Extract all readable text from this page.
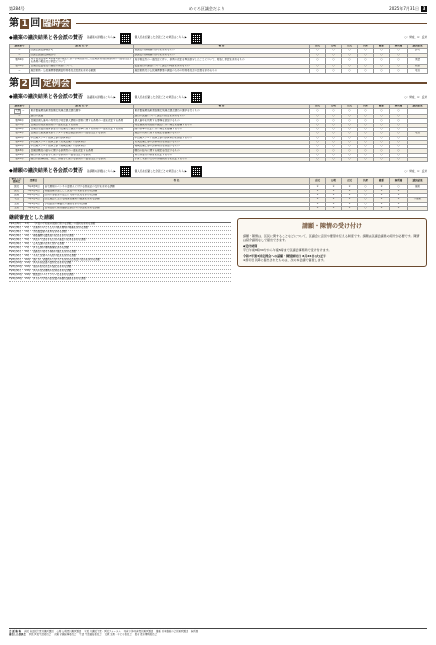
第284号	めぐろ区議会だより	2025年7月31日 3
第 1 回 臨時会
◆議案の議決結果と各会派の賛否 各議案の詳細はこちら ▶	個人名を記載した会派ごとの賛否はこちら ▶	○：賛成、×：反対
議案番号	議 案 名 等	概 要	自民	公明	立民	共産	維新	無所属	議決結果
ー	区議会議長辞職許可	前議長の辞職願の許可を求めるもの	○	○	○	○	○	○	許可
ー	区議会副議長辞職許可	副議長の辞職願の許可を求めるもの	○	○	○	○	○	○	
第34号	地方自治法第179条第1項の規定に基づき専決処分した目黒区特別区税条例の一部を改正する条例の報告及び承認について	地方税法等の一部改正に伴い、条例の改正を専決処分したことについて、報告し承認を求めるもの	○	○	○	○	○	○	承認
第35号	目黒区監査委員の選任の同意について	監査委員の選任について議会の同意を求めるもの	○	○	○	○	○	○	同意
ー	施設更新・公民連携事業調査特別委員会設置を求める動議	施設更新及び公民連携事業の調査のための特別委員会の設置を求めるもの	○	○	○	○	○	○	可決
第 2 回 定例会
◆議案の議決結果と各会派の賛否 各議案の詳細はこちら ▶	個人名を記載した会派ごとの賛否はこちら ▶	○：賛成、×：反対
議案番号	議 案 名 等	概 要	自民	公明	立民	共産	維新	無所属	議決結果
人事 ー	東京都後期高齢者医療広域連合議会議員選挙	東京都後期高齢者医療広域連合議会議員の選挙を行うもの	○	○	○	○	○	○	
ー	議員の派遣	議員の派遣について議会の決定を求めるもの	○	○	○	○	○	○	
第36号	目黒区個人番号の利用及び特定個人情報の提供に関する条例の一部を改正する条例	個人番号を利用する事務を追加するもの	○	○	○	○	○	○	
第37号	目黒区特別区税条例の一部を改正する条例	特定親族特別控除の創設に伴い規定を整備するもの	○	○	○	○	○	○	
第38号	目黒区家庭的保育事業等の設備及び運営の基準に関する条例の一部を改正する条例	国の基準の改正に伴い規定を整備するもの	○	○	○	○	○	○	
第39号	目黒区児童発達支援センター等複合施設条例の一部を改正する条例	施設の利用に関する規定を整備するもの	○	○	○	○	○	○	可決
第40号	中目黒スクエア改修工事の請負契約	中目黒スクエア改修工事の請負契約を締結するもの	○	○	○	○	○	○	
第41号	中目黒スクエア改修工事（電気設備）の請負契約	電気設備工事の請負契約を締結するもの	○	○	○	○	○	○	
第42号	中目黒スクエア改修工事（機械設備）の請負契約	機械設備工事の請負契約を締結するもの	○	○	○	○	○	○	
第43号	目黒区職員の給与に関する条例等の一部を改正する条例	職員の給与に関する規定を改正するもの	○	○	○	○	○	○	
第44号	職員の育児休業等に関する条例の一部を改正する条例	育児休業等の制度を改正するもの	○	○	○	○	○	○	
第45号	職員の勤務時間、休日、休暇等に関する条例の一部を改正する条例	子育て支援のための休暇制度等を改正するもの	○	○	○	○	○	○	
◆請願の議決結果と各会派の賛否 各請願の詳細はこちら ▶	個人名を記載した会派ごとの賛否はこちら ▶	○：賛成、×：反対
審査した委員会	受理日	件 名	自民	公明	立民	共産	維新	無所属	議決結果
区民	7年2月6日	自宅屋根のペンキの塗替えに対する助成金の交付を求める請願	×	×	×	○	×	○	採択
区民	7年3月6日	物価高騰対策として区民への支援を求める請願	×	×	×	○	×	×	
企画	6年3月6日	区内の事業者の賃上げ支援の拡充を求める請願	×	×	×	○	×	×	
生活	7年3月6日	区立施設における障害者雇用の推進を求める請願	×	×	×	○	×	×	不採択
文教	7年1月8日	学校給食の無償化の継続を求める請願	×	×	×	○	×	×	
文教	7年1月8日	日本政府に核兵器禁止条約への参加を求める請願	×	×	×	○	×	×	
継続審査とした請願
7年1月8日	1号	「区民の平和安全保障に関する請願」の採択を求める請願
7年1月8日	2号	目黒区の子どもたちの教育環境の整備を求める請願
7年1月8日	3号	学校図書館の充実を求める請願
7年2月6日	4号	補聴器購入費助成の拡充を求める請願
7年2月6日	5号	区民の生活を守るための施策の充実を求める請願
7年3月6日	6号	公共交通の充実に関する請願
7年3月6日	7号	区立公園の環境整備を求める請願
7年4月2日	8号	高齢者の見守り体制の強化を求める請願
7年5月2日	9号	子育て世帯への支援の拡充を求める請願
7年5月7日	10号	国に対し消費税の引き下げを求める意見書の提出を求める請願
7年5月12日	11号	区内の商店街の活性化を求める請願
7年5月12日	12号	地域の防災対策の強化を求める請願
7年6月4日	13号	区内の保育環境の改善を求める請願
7年6月12日	14号	駅周辺のバリアフリー化を求める請願
7年6月18日	15号	区立小中学校の給食費の無償化継続を求める請願
請願・陳情の受け付け
請願・陳情は、区民に関することなどについて、区議会に意見や要望を伝える制度です。請願は区議会議員の紹介が必要です。陳情は紹介議員なしで提出できます。
◆受付時間
平日午前8時30分から午後5時まで区議会事務局で受け付けます。
令和7年第3回定例会への請願・陳情締切日 8月26日(火)正午
※締切日以降に提出されたものは、次の本会議で審査します。
会 派 略 称 自民 自由民主党目黒区議団 公明 公明党目黒区議団 立民 立憲民主党・区民フォーラム 共産 日本共産党目黒区議団 維新 日本維新の会目黒区議団 無所属
審査した委員会 区民 区民生活委員会 企画 企画総務委員会 生活 生活福祉委員会 文教 文教・子ども委員会 都市 都市環境委員会
